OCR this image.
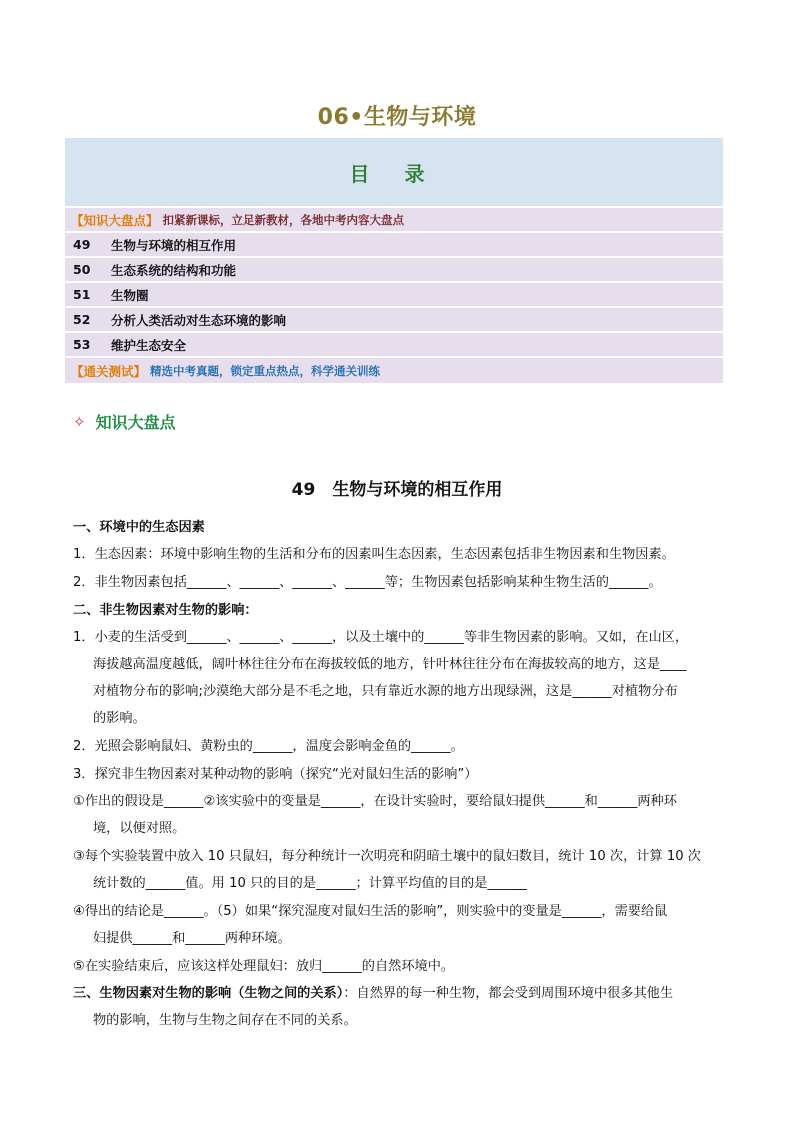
06•生物与环境
目 录
【 知识大盘点 】 扣紧新课标，立足新教材，各地中考内容大盘点
49	生物与环境的相互作用
50	生态系统的结构和功能
51	生物圈
52	分析人类活动对生态环境的影响
53	维护生态安全
【 通关测试 】 精选中考真题，锁定重点热点，科学通关训练
✧ 知识大盘点
49　生物与环境的相互作用
一、环境中的生态因素
1．生态因素：环境中影响生物的生活和分布的因素叫生态因素，生态因素包括非生物因素和生物因素。
2．非生物因素包括______、______、______、______等；生物因素包括影响某种生物生活的______。
二、非生物因素对生物的影响：
1．小麦的生活受到______、______、______，以及土壤中的______等非生物因素的影响。又如，在山区，
海拔越高温度越低，阔叶林往往分布在海拔较低的地方，针叶林往往分布在海拔较高的地方，这是____
对植物分布的影响;沙漠绝大部分是不毛之地，只有靠近水源的地方出现绿洲，这是______对植物分布
的影响。
2．光照会影响鼠妇、黄粉虫的______，温度会影响金鱼的______。
3．探究非生物因素对某种动物的影响（探究“光对鼠妇生活的影响”）
①作出的假设是______②该实验中的变量是______，在设计实验时，要给鼠妇提供______和______两种环
境，以便对照。
③每个实验装置中放入 10 只鼠妇，每分种统计一次明亮和阴暗土壤中的鼠妇数目，统计 10 次，计算 10 次
统计数的______值。用 10 只的目的是______；计算平均值的目的是______
④得出的结论是______。（5）如果“探究湿度对鼠妇生活的影响”，则实验中的变量是______，需要给鼠
妇提供______和______两种环境。
⑤在实验结束后，应该这样处理鼠妇：放归______的自然环境中。
三、生物因素对生物的影响（生物之间的关系）：自然界的每一种生物，都会受到周围环境中很多其他生
物的影响，生物与生物之间存在不同的关系。
